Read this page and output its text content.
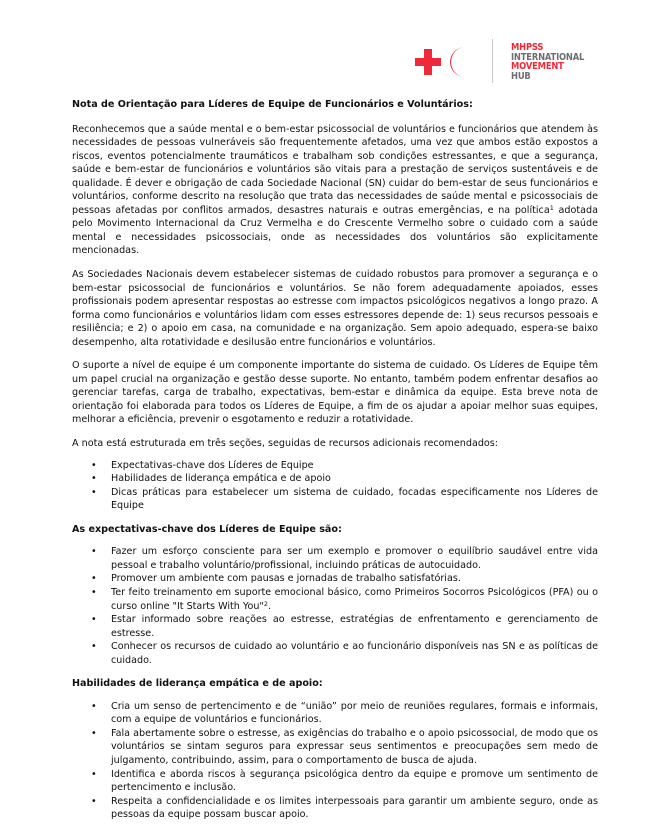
MHPSS
INTERNATIONAL
MOVEMENT
HUB
Nota de Orientação para Líderes de Equipe de Funcionários e Voluntários:

Reconhecemos que a saúde mental e o bem-estar psicossocial de voluntários e funcionários que atendem às necessidades de pessoas vulneráveis são frequentemente afetados, uma vez que ambos estão expostos a riscos, eventos potencialmente traumáticos e trabalham sob condições estressantes, e que a segurança, saúde e bem-estar de funcionários e voluntários são vitais para a prestação de serviços sustentáveis e de qualidade. É dever e obrigação de cada Sociedade Nacional (SN) cuidar do bem-estar de seus funcionários e voluntários, conforme descrito na resolução que trata das necessidades de saúde mental e psicossociais de pessoas afetadas por conflitos armados, desastres naturais e outras emergências, e na política$^1$ adotada pelo Movimento Internacional da Cruz Vermelha e do Crescente Vermelho sobre o cuidado com a saúde mental e necessidades psicossociais, onde as necessidades dos voluntários são explicitamente mencionadas.

As Sociedades Nacionais devem estabelecer sistemas de cuidado robustos para promover a segurança e o bem-estar psicossocial de funcionários e voluntários. Se não forem adequadamente apoiados, esses profissionais podem apresentar respostas ao estresse com impactos psicológicos negativos a longo prazo. A forma como funcionários e voluntários lidam com esses estressores depende de: 1) seus recursos pessoais e resiliência; e 2) o apoio em casa, na comunidade e na organização. Sem apoio adequado, espera-se baixo desempenho, alta rotatividade e desilusão entre funcionários e voluntários.

O suporte a nível de equipe é um componente importante do sistema de cuidado. Os Líderes de Equipe têm um papel crucial na organização e gestão desse suporte. No entanto, também podem enfrentar desafios ao gerenciar tarefas, carga de trabalho, expectativas, bem-estar e dinâmica da equipe. Esta breve nota de orientação foi elaborada para todos os Líderes de Equipe, a fim de os ajudar a apoiar melhor suas equipes, melhorar a eficiência, prevenir o esgotamento e reduzir a rotatividade.

A nota está estruturada em três seções, seguidas de recursos adicionais recomendados:

• Expectativas-chave dos Líderes de Equipe
• Habilidades de liderança empática e de apoio
• Dicas práticas para estabelecer um sistema de cuidado, focadas especificamente nos Líderes de Equipe
As expectativas-chave dos Líderes de Equipe são:
• Fazer um esforço consciente para ser um exemplo e promover o equilíbrio saudável entre vida pessoal e trabalho voluntário/profissional, incluindo práticas de autocuidado.
• Promover um ambiente com pausas e jornadas de trabalho satisfatórias.
• Ter feito treinamento em suporte emocional básico, como Primeiros Socorros Psicológicos (PFA) ou o curso online "It Starts With You"$^2$.
• Estar informado sobre reações ao estresse, estratégias de enfrentamento e gerenciamento de estresse.
• Conhecer os recursos de cuidado ao voluntário e ao funcionário disponíveis nas SN e as políticas de cuidado.
Habilidades de liderança empática e de apoio:
• Cria um senso de pertencimento e de “união” por meio de reuniões regulares, formais e informais, com a equipe de voluntários e funcionários.
• Fala abertamente sobre o estresse, as exigências do trabalho e o apoio psicossocial, de modo que os voluntários se sintam seguros para expressar seus sentimentos e preocupações sem medo de julgamento, contribuindo, assim, para o comportamento de busca de ajuda.
• Identifica e aborda riscos à segurança psicológica dentro da equipe e promove um sentimento de pertencimento e inclusão.
• Respeita a confidencialidade e os limites interpessoais para garantir um ambiente seguro, onde as pessoas da equipe possam buscar apoio.
